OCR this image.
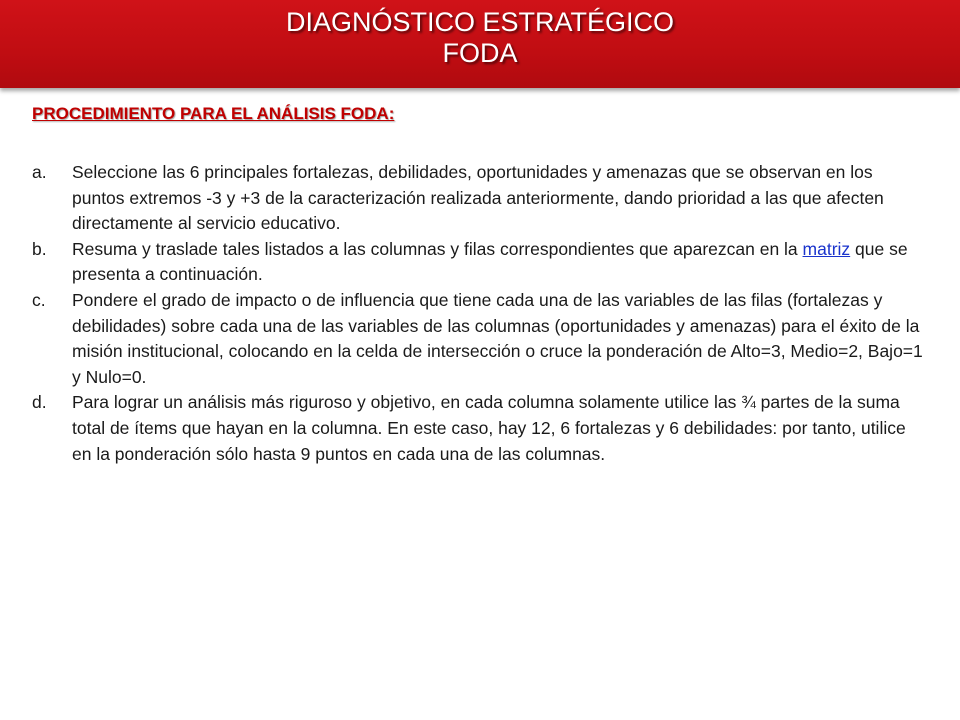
DIAGNÓSTICO ESTRATÉGICO
FODA
PROCEDIMIENTO PARA EL ANÁLISIS FODA:
a.	Seleccione las 6 principales fortalezas, debilidades, oportunidades y amenazas que se observan en los puntos extremos -3 y +3 de la caracterización realizada anteriormente, dando prioridad a las que afecten directamente al servicio educativo.
b.	Resuma y traslade tales listados a las columnas y filas correspondientes que aparezcan en la matriz que se presenta a continuación.
c.	Pondere el grado de impacto o de influencia que tiene cada una de las variables de las filas (fortalezas y debilidades) sobre cada una de las variables de las columnas (oportunidades y amenazas) para el éxito de la misión institucional, colocando en la celda de intersección o cruce la ponderación de Alto=3, Medio=2, Bajo=1 y Nulo=0.
d.	Para lograr un análisis más riguroso y objetivo, en cada columna solamente utilice las ¾ partes de la suma total de ítems que hayan en la columna. En este caso, hay 12, 6 fortalezas y 6 debilidades: por tanto, utilice en la ponderación sólo hasta 9 puntos en cada una de las columnas.
